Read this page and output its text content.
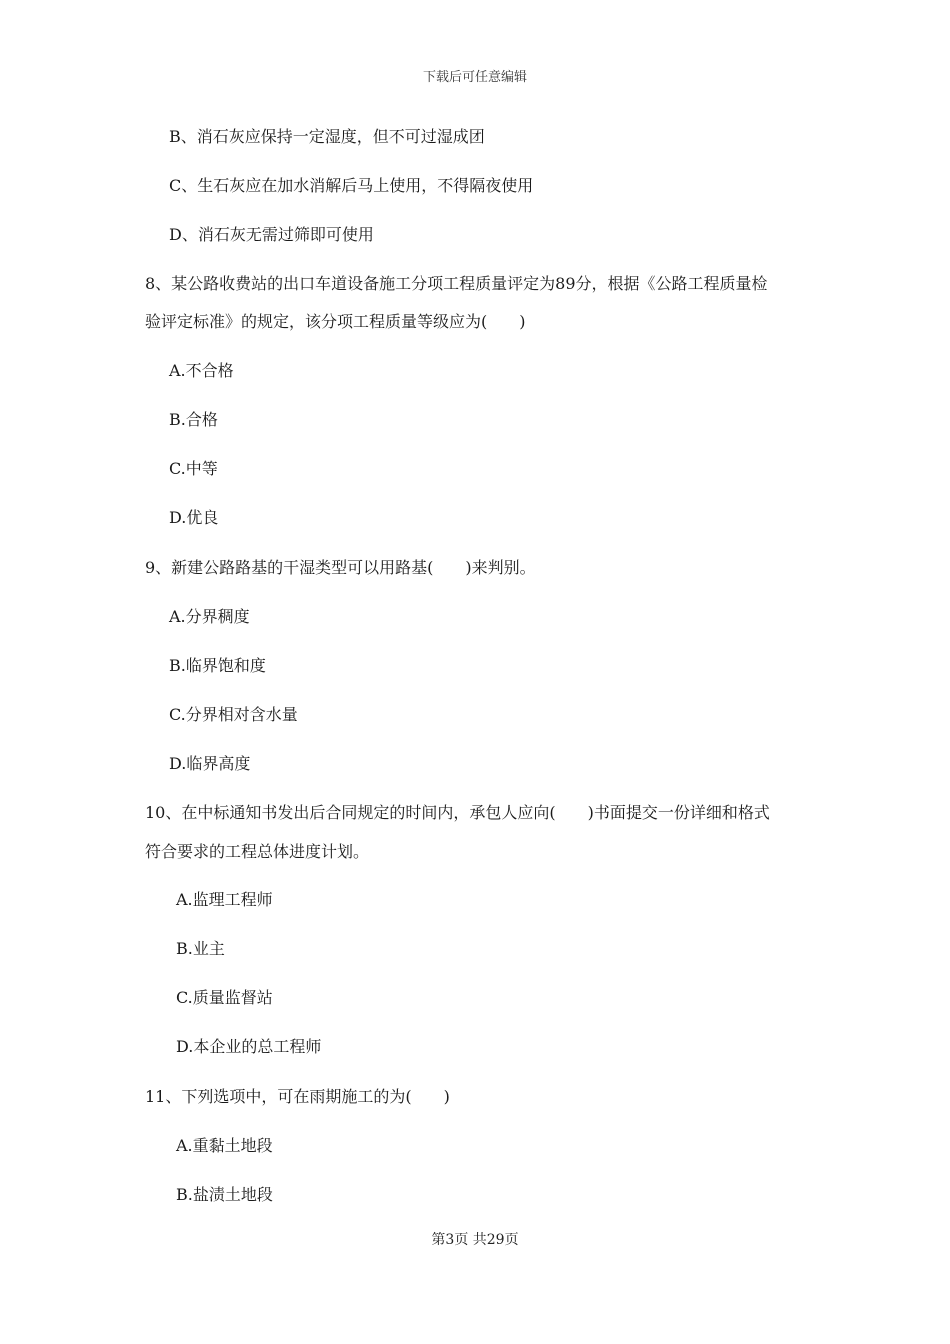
下载后可任意编辑
B、消石灰应保持一定湿度，但不可过湿成团
C、生石灰应在加水消解后马上使用，不得隔夜使用
D、消石灰无需过筛即可使用
8、某公路收费站的出口车道设备施工分项工程质量评定为89分，根据《公路工程质量检
验评定标准》的规定，该分项工程质量等级应为(　　)
A.不合格
B.合格
C.中等
D.优良
9、新建公路路基的干湿类型可以用路基(　　)来判别。
A.分界稠度
B.临界饱和度
C.分界相对含水量
D.临界高度
10、在中标通知书发出后合同规定的时间内，承包人应向(　　)书面提交一份详细和格式
符合要求的工程总体进度计划。
A.监理工程师
B.业主
C.质量监督站
D.本企业的总工程师
11、下列选项中，可在雨期施工的为(　　)
A.重黏土地段
B.盐渍土地段
第3页 共29页
